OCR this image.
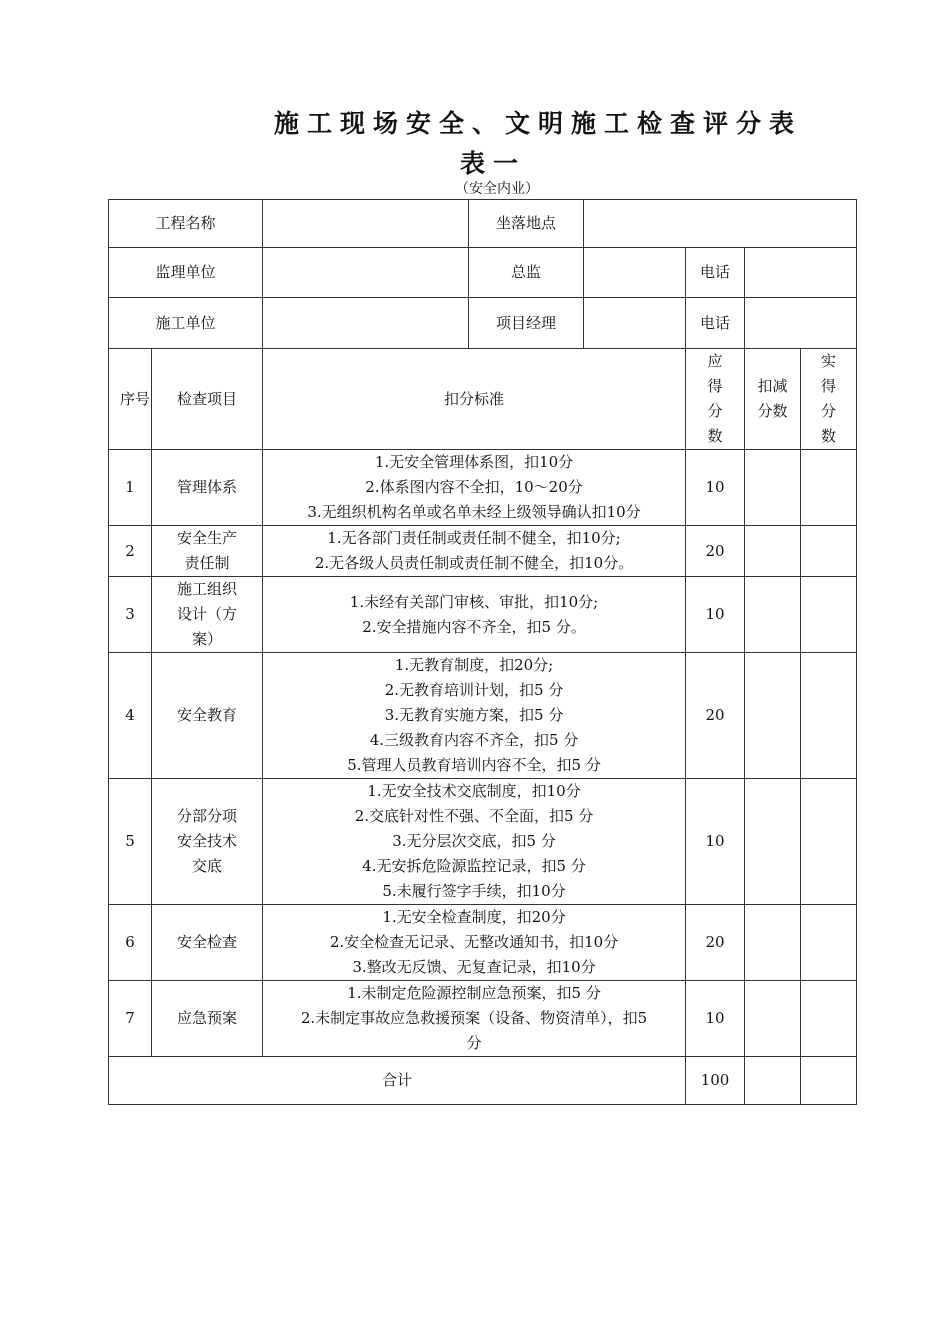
施工现场安全、文明施工检查评分表
表一
（安全内业）
工程名称			坐落地点				
监理单位			总监		电话		
施工单位			项目经理		电话		
序号	检查项目	扣分标准			应得分数	扣减分数	实得分数
1	管理体系	1.无安全管理体系图，扣10分
2.体系图内容不全扣，10～20分
3.无组织机构名单或名单未经上级领导确认扣10分			10		
2	安全生产责任制	1.无各部门责任制或责任制不健全，扣10分;
2.无各级人员责任制或责任制不健全，扣10分。			20		
3	施工组织设计（方案）	1.未经有关部门审核、审批，扣10分;
2.安全措施内容不齐全，扣5 分。			10		
4	安全教育	1.无教育制度，扣20分;
2.无教育培训计划，扣5 分
3.无教育实施方案，扣5 分
4.三级教育内容不齐全，扣5 分
5.管理人员教育培训内容不全，扣5 分			20		
5	分部分项安全技术交底	1.无安全技术交底制度，扣10分
2.交底针对性不强、不全面，扣5 分
3.无分层次交底，扣5 分
4.无安拆危险源监控记录，扣5 分
5.未履行签字手续，扣10分			10		
6	安全检查	1.无安全检查制度，扣20分
2.安全检查无记录、无整改通知书，扣10分
3.整改无反馈、无复查记录，扣10分			20		
7	应急预案	1.未制定危险源控制应急预案，扣5 分
2.未制定事故应急救援预案（设备、物资清单），扣5
分			10		
合计					100		
